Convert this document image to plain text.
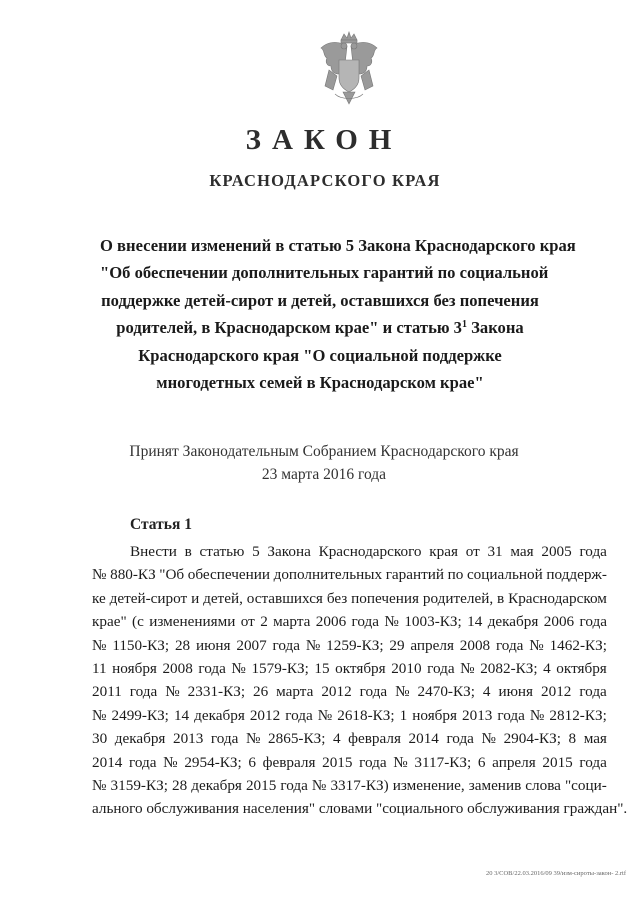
ЗАКОН
КРАСНОДАРСКОГО КРАЯ
О внесении изменений в статью 5 Закона Краснодарского края
"Об обеспечении дополнительных гарантий по социальной
поддержке детей-сирот и детей, оставшихся без попечения
родителей, в Краснодарском крае" и статью $3^1$ Закона
Краснодарского края "О социальной поддержке
многодетных семей в Краснодарском крае"
Принят Законодательным Собранием Краснодарского края
23 марта 2016 года
Статья 1
Внести в статью 5 Закона Краснодарского края от 31 мая 2005 года
№ 880-КЗ "Об обеспечении дополнительных гарантий по социальной поддерж-
ке детей-сирот и детей, оставшихся без попечения родителей, в Краснодарском
крае" (с изменениями от 2 марта 2006 года № 1003-КЗ; 14 декабря 2006 года
№ 1150-КЗ; 28 июня 2007 года № 1259-КЗ; 29 апреля 2008 года № 1462-КЗ;
11 ноября 2008 года № 1579-КЗ; 15 октября 2010 года № 2082-КЗ; 4 октября
2011 года № 2331-КЗ; 26 марта 2012 года № 2470-КЗ; 4 июня 2012 года
№ 2499-КЗ; 14 декабря 2012 года № 2618-КЗ; 1 ноября 2013 года № 2812-КЗ;
30 декабря 2013 года № 2865-КЗ; 4 февраля 2014 года № 2904-КЗ; 8 мая
2014 года № 2954-КЗ; 6 февраля 2015 года № 3117-КЗ; 6 апреля 2015 года
№ 3159-КЗ; 28 декабря 2015 года № 3317-КЗ) изменение, заменив слова "соци-
ального обслуживания населения" словами "социального обслуживания граждан".
20 3/СОВ/22.03.2016/09 39/изм-сироты-закон- 2.rtf
